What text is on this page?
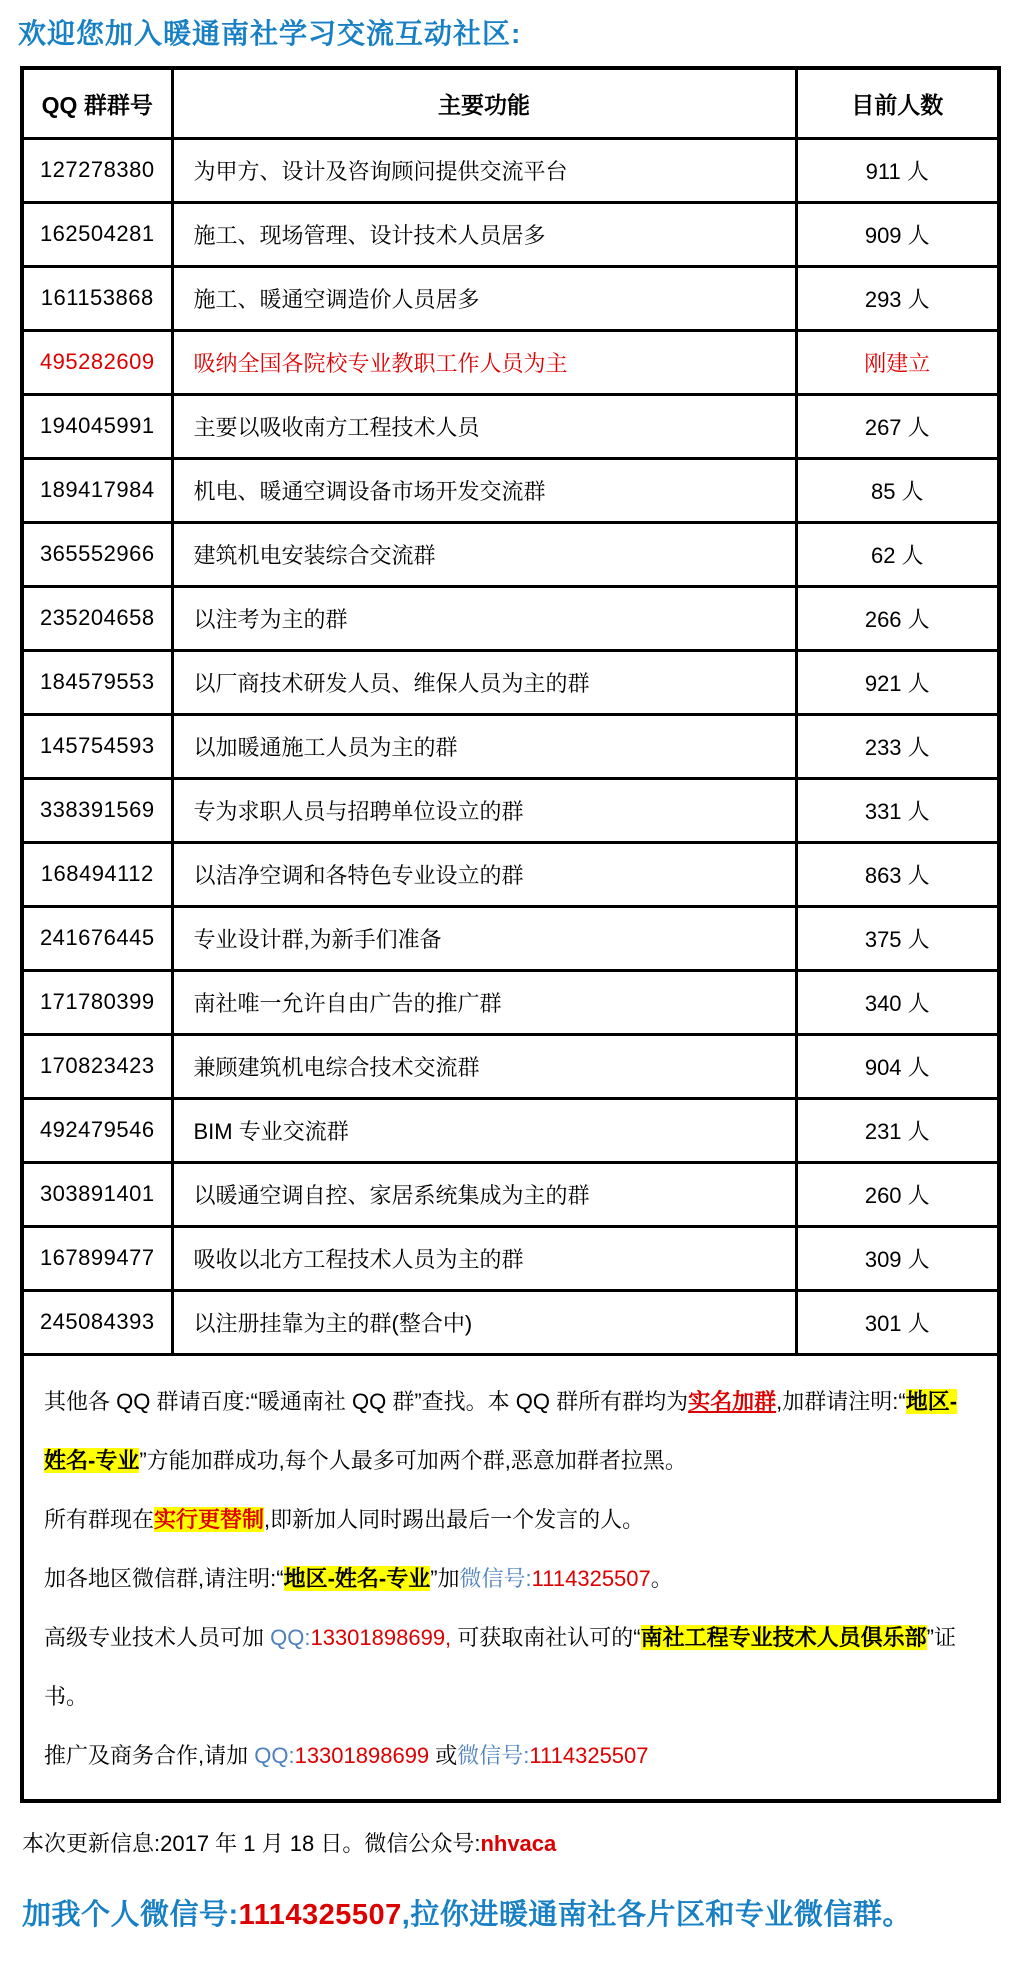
欢迎您加入暖通南社学习交流互动社区:
QQ 群群号	主要功能	目前人数
127278380	为甲方、设计及咨询顾问提供交流平台	911 人
162504281	施工、现场管理、设计技术人员居多	909 人
161153868	施工、暖通空调造价人员居多	293 人
495282609	吸纳全国各院校专业教职工作人员为主	刚建立
194045991	主要以吸收南方工程技术人员	267 人
189417984	机电、暖通空调设备市场开发交流群	85 人
365552966	建筑机电安装综合交流群	62 人
235204658	以注考为主的群	266 人
184579553	以厂商技术研发人员、维保人员为主的群	921 人
145754593	以加暖通施工人员为主的群	233 人
338391569	专为求职人员与招聘单位设立的群	331 人
168494112	以洁净空调和各特色专业设立的群	863 人
241676445	专业设计群,为新手们准备	375 人
171780399	南社唯一允许自由广告的推广群	340 人
170823423	兼顾建筑机电综合技术交流群	904 人
492479546	BIM 专业交流群	231 人
303891401	以暖通空调自控、家居系统集成为主的群	260 人
167899477	吸收以北方工程技术人员为主的群	309 人
245084393	以注册挂靠为主的群(整合中)	301 人

其他各 QQ 群请百度:“暖通南社 QQ 群”查找。本 QQ 群所有群均为实名加群,加群请注明:“地区-姓名-专业”方能加群成功,每个人最多可加两个群,恶意加群者拉黑。

所有群现在实行更替制,即新加人同时踢出最后一个发言的人。

加各地区微信群,请注明:“地区-姓名-专业”加微信号:1114325507。

高级专业技术人员可加 QQ:13301898699, 可获取南社认可的“南社工程专业技术人员俱乐部”证书。

推广及商务合作,请加 QQ:13301898699 或微信号:1114325507		

本次更新信息:2017 年 1 月 18 日。微信公众号:nhvaca
加我个人微信号:1114325507,拉你进暖通南社各片区和专业微信群。
